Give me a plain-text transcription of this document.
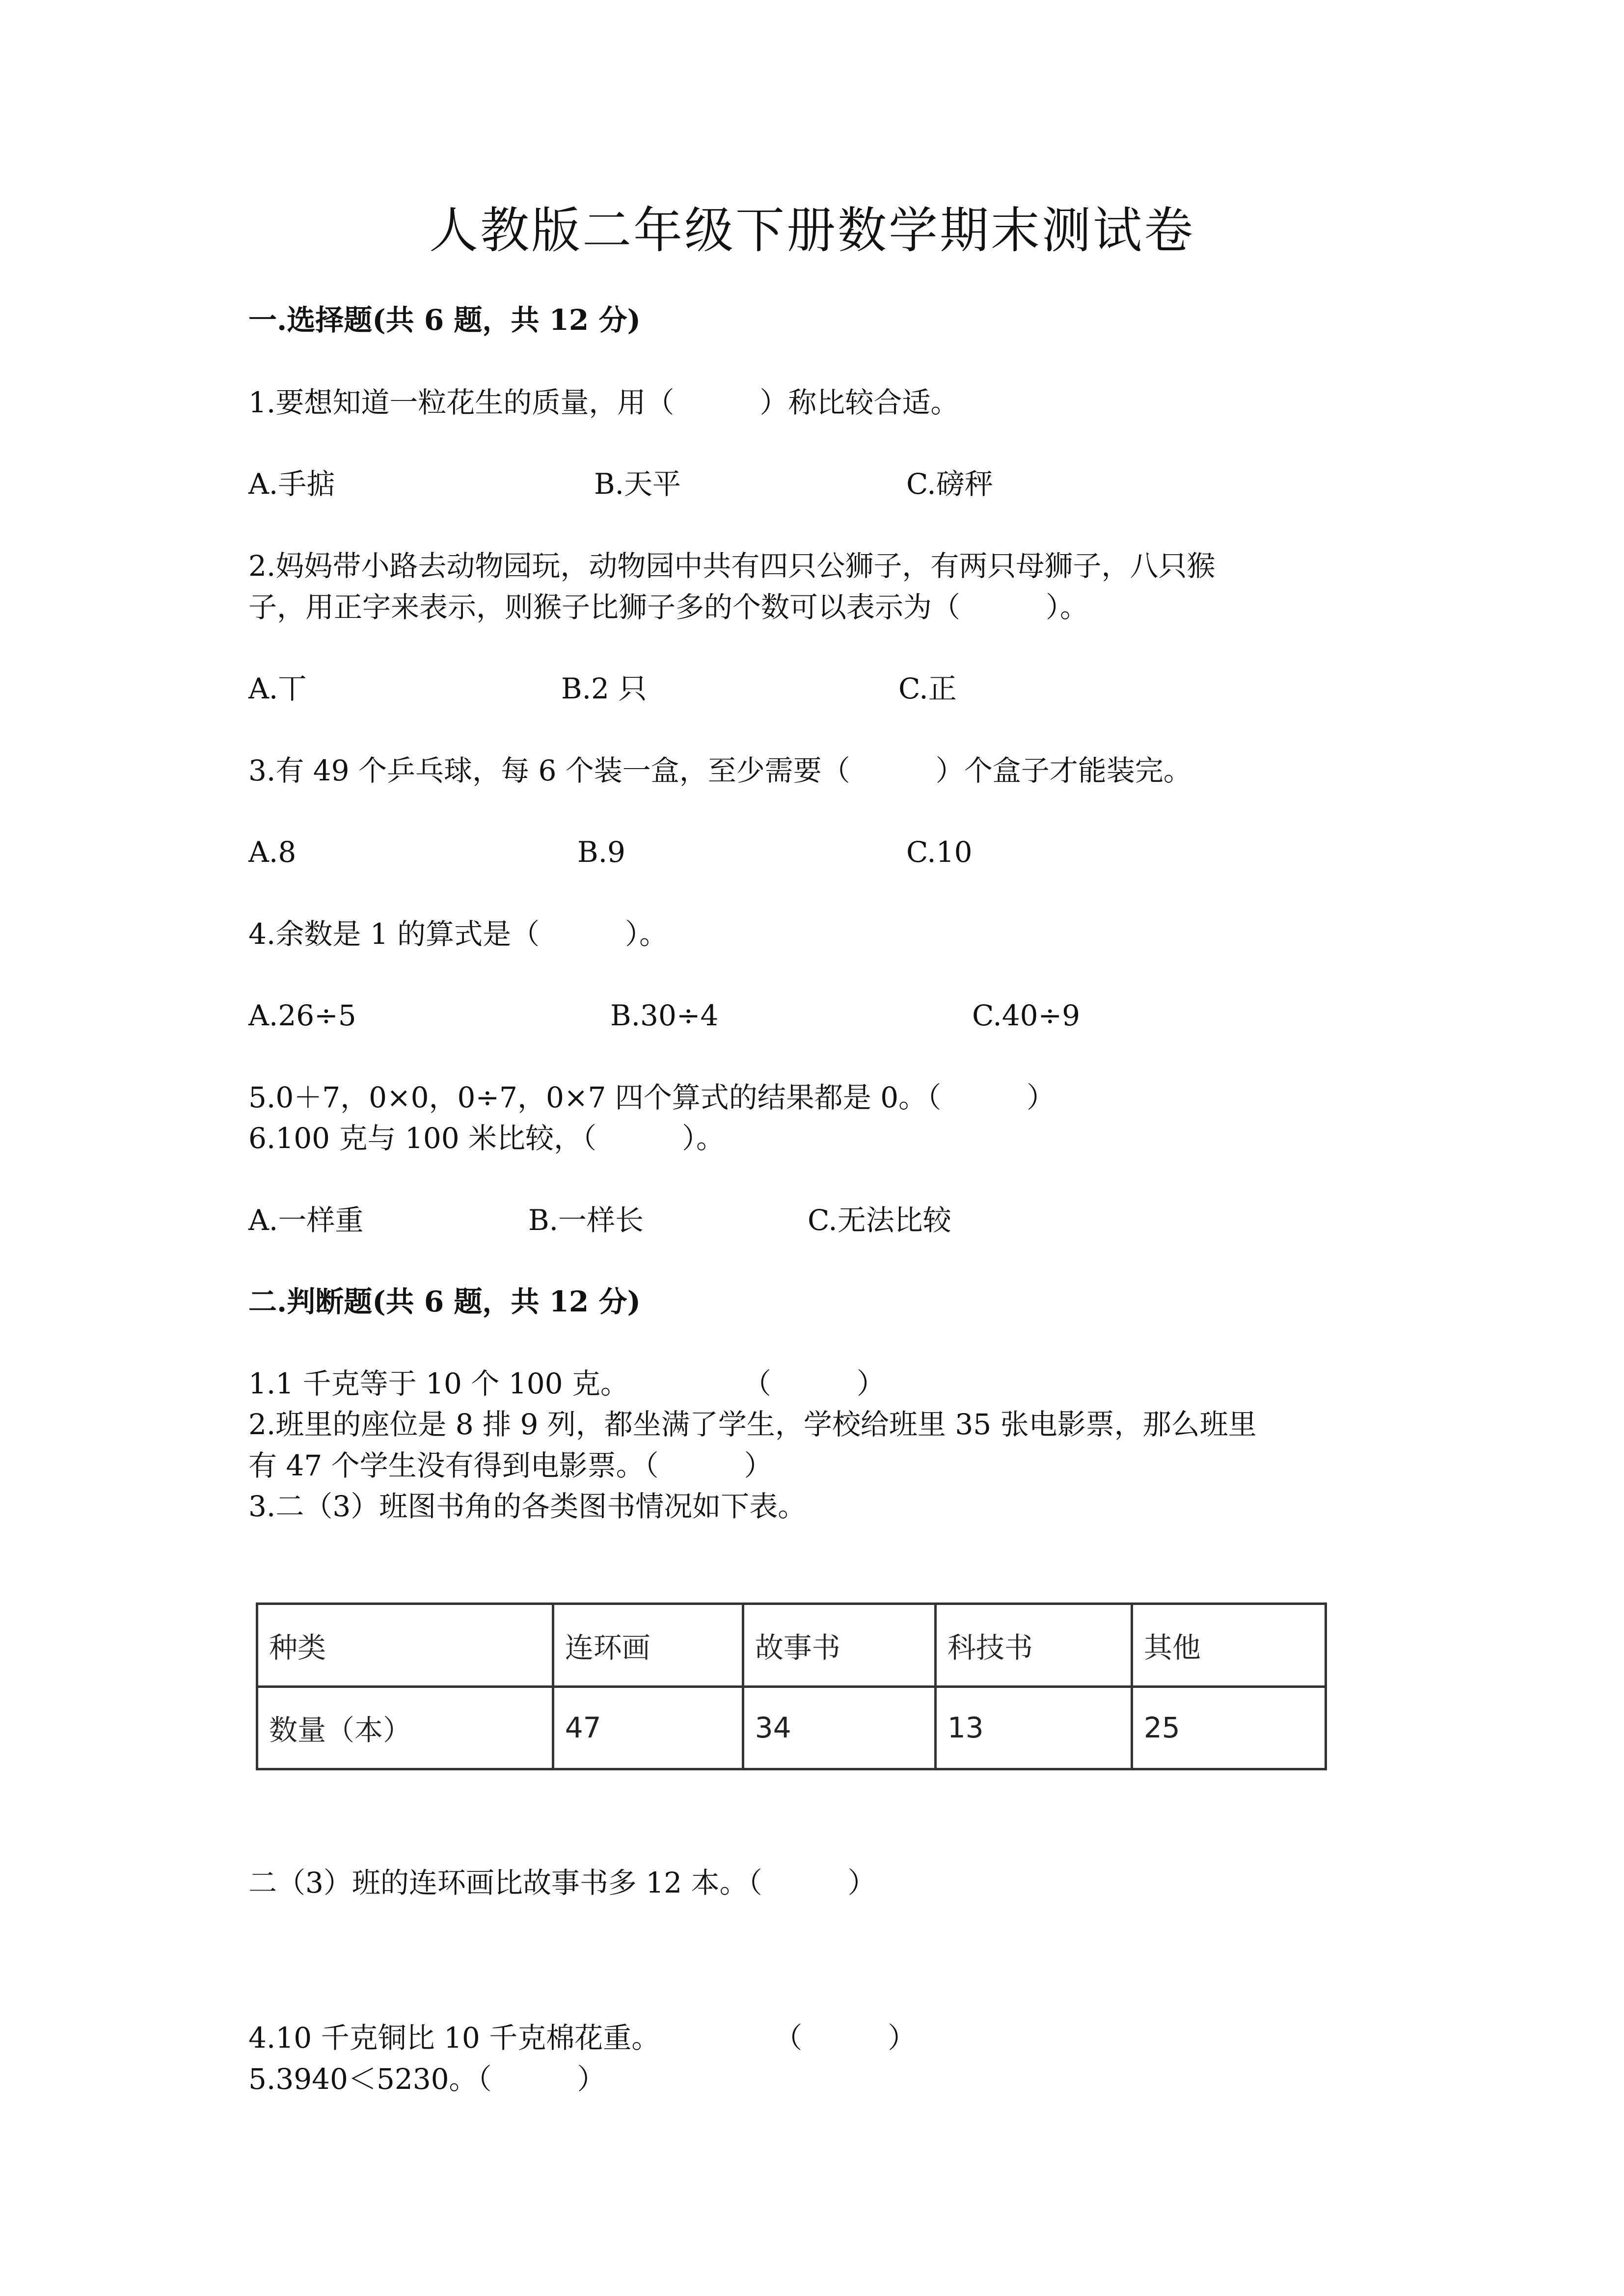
人教版二年级下册数学期末测试卷
一.选择题(共 6 题，共 12 分)
1.要想知道一粒花生的质量，用（　　　）称比较合适。
A.手掂	B.天平	C.磅秤
2.妈妈带小路去动物园玩，动物园中共有四只公狮子，有两只母狮子，八只猴
子，用正字来表示，则猴子比狮子多的个数可以表示为（　　　）。
A.丅	B.2 只	C.正
3.有 49 个乒乓球，每 6 个装一盒，至少需要（　　　）个盒子才能装完。
A.8	B.9	C.10
4.余数是 1 的算式是（　　　）。
A.26÷5	B.30÷4	C.40÷9
5.0＋7，0×0，0÷7，0×7 四个算式的结果都是 0。（　　　）
6.100 克与 100 米比较，（　　　）。
A.一样重	B.一样长	C.无法比较
二.判断题(共 6 题，共 12 分)
1.1 千克等于 10 个 100 克。　　　　　（　　　）
2.班里的座位是 8 排 9 列，都坐满了学生，学校给班里 35 张电影票，那么班里
有 47 个学生没有得到电影票。（　　　）
3.二（3）班图书角的各类图书情况如下表。
种类	连环画	故事书	科技书	其他
数量（本）	47	34	13	25
二（3）班的连环画比故事书多 12 本。（　　　）
4.10 千克铜比 10 千克棉花重。　　　　　（　　　）
5.3940＜5230。（　　　）
